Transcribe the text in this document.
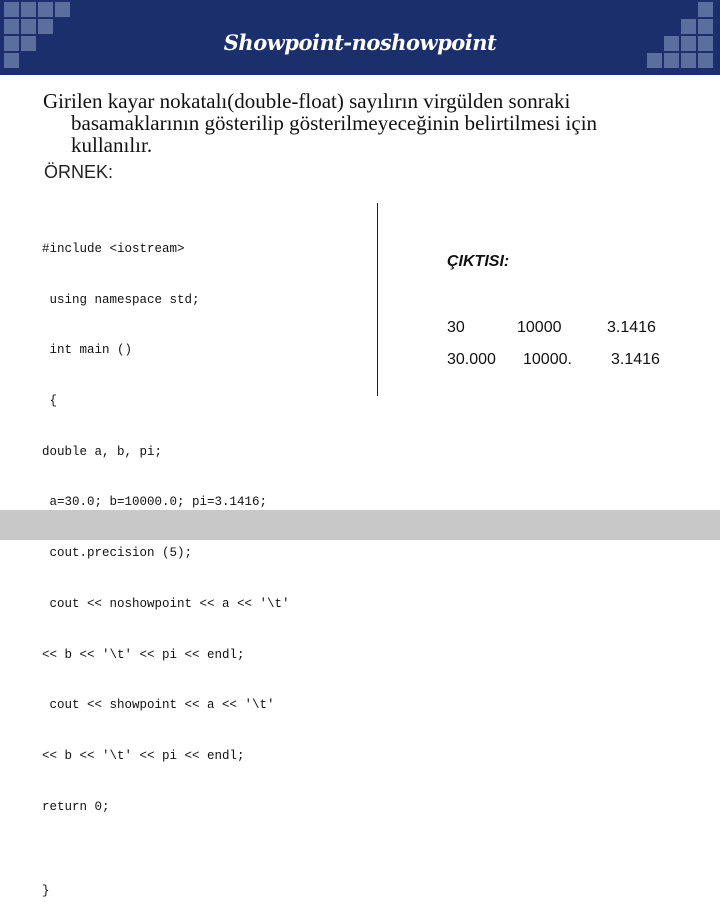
Showpoint-noshowpoint
Girilen kayar nokatalı(double-float) sayılırın virgülden sonraki
basamaklarının gösterilip gösterilmeyeceğinin belirtilmesi için
kullanılır.
ÖRNEK:

#include <iostream>

using namespace std;

int main ()

{

double a, b, pi;

a=30.0; b=10000.0; pi=3.1416;

cout.precision (5);

cout << noshowpoint << a << '\t'

<< b << '\t' << pi << endl;

cout << showpoint << a << '\t'

<< b << '\t' << pi << endl;

return 0;

}

ÇIKTISI:
30	10000	3.1416
30.000 10000. 3.1416
